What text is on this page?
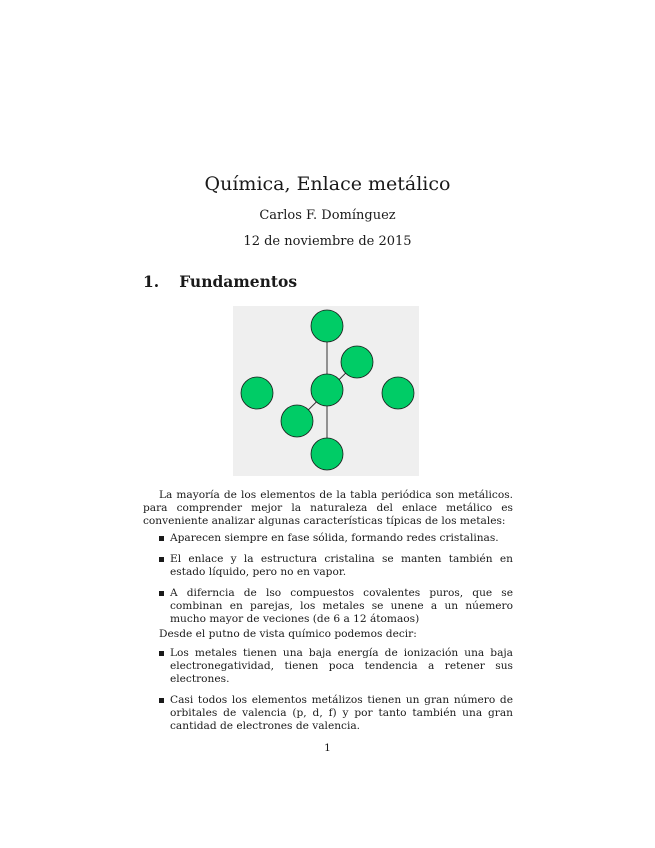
Química, Enlace metálico
Carlos F. Domínguez
12 de noviembre de 2015
1. Fundamentos
La mayoría de los elementos de la tabla periódica son metálicos. para comprender mejor la naturaleza del enlace metálico es conveniente analizar algunas características típicas de los metales:
Aparecen siempre en fase sólida, formando redes cristalinas.
El enlace y la estructura cristalina se manten también en estado líquido, pero no en vapor.
A diferncia de lso compuestos covalentes puros, que se combinan en parejas, los metales se unene a un núemero mucho mayor de veciones (de 6 a 12 átomaos)
Desde el putno de vista químico podemos decir:
Los metales tienen una baja energía de ionización una baja electronegatividad, tienen poca tendencia a retener sus electrones.
Casi todos los elementos metálizos tienen un gran número de orbitales de valencia (p, d, f) y por tanto también una gran cantidad de electrones de valencia.
1
